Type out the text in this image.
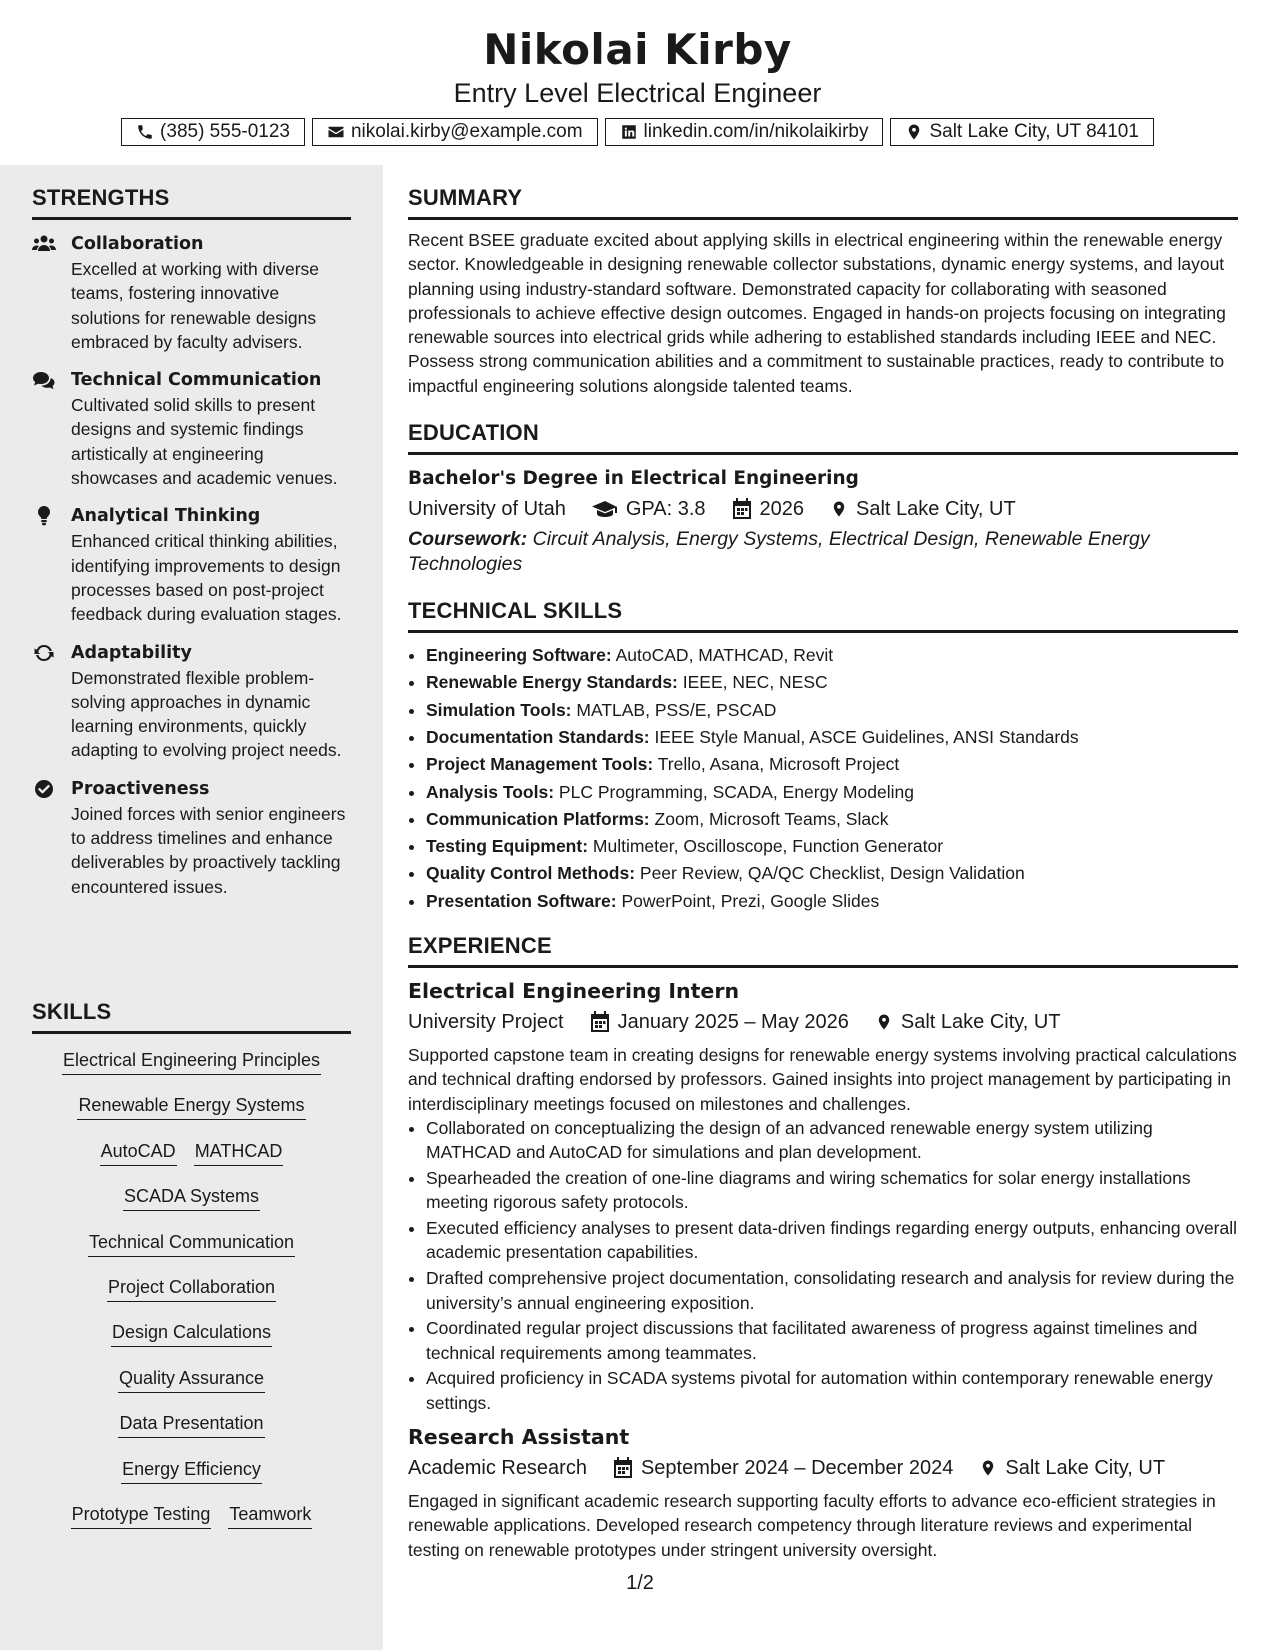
Nikolai Kirby
Entry Level Electrical Engineer
(385) 555-0123	nikolai.kirby@example.com	linkedin.com/in/nikolaikirby	Salt Lake City, UT 84101
STRENGTHS
Collaboration
Excelled at working with diverse teams, fostering innovative solutions for renewable designs embraced by faculty advisers.
Technical Communication
Cultivated solid skills to present designs and systemic findings artistically at engineering showcases and academic venues.
Analytical Thinking
Enhanced critical thinking abilities, identifying improvements to design processes based on post-project feedback during evaluation stages.
Adaptability
Demonstrated flexible problem-solving approaches in dynamic learning environments, quickly adapting to evolving project needs.
Proactiveness
Joined forces with senior engineers to address timelines and enhance deliverables by proactively tackling encountered issues.
SKILLS
Electrical Engineering Principles
Renewable Energy Systems
AutoCAD MATHCAD
SCADA Systems
Technical Communication
Project Collaboration
Design Calculations
Quality Assurance
Data Presentation
Energy Efficiency
Prototype Testing Teamwork
SUMMARY
Recent BSEE graduate excited about applying skills in electrical engineering within the renewable energy sector. Knowledgeable in designing renewable collector substations, dynamic energy systems, and layout planning using industry-standard software. Demonstrated capacity for collaborating with seasoned professionals to achieve effective design outcomes. Engaged in hands-on projects focusing on integrating renewable sources into electrical grids while adhering to established standards including IEEE and NEC. Possess strong communication abilities and a commitment to sustainable practices, ready to contribute to impactful engineering solutions alongside talented teams.
EDUCATION
Bachelor's Degree in Electrical Engineering
University of Utah	GPA: 3.8	2026	Salt Lake City, UT
Coursework: Circuit Analysis, Energy Systems, Electrical Design, Renewable Energy Technologies
TECHNICAL SKILLS
• Engineering Software: AutoCAD, MATHCAD, Revit
• Renewable Energy Standards: IEEE, NEC, NESC
• Simulation Tools: MATLAB, PSS/E, PSCAD
• Documentation Standards: IEEE Style Manual, ASCE Guidelines, ANSI Standards
• Project Management Tools: Trello, Asana, Microsoft Project
• Analysis Tools: PLC Programming, SCADA, Energy Modeling
• Communication Platforms: Zoom, Microsoft Teams, Slack
• Testing Equipment: Multimeter, Oscilloscope, Function Generator
• Quality Control Methods: Peer Review, QA/QC Checklist, Design Validation
• Presentation Software: PowerPoint, Prezi, Google Slides
EXPERIENCE
Electrical Engineering Intern
University Project	January 2025 – May 2026	Salt Lake City, UT
Supported capstone team in creating designs for renewable energy systems involving practical calculations and technical drafting endorsed by professors. Gained insights into project management by participating in interdisciplinary meetings focused on milestones and challenges.
• Collaborated on conceptualizing the design of an advanced renewable energy system utilizing MATHCAD and AutoCAD for simulations and plan development.
• Spearheaded the creation of one-line diagrams and wiring schematics for solar energy installations meeting rigorous safety protocols.
• Executed efficiency analyses to present data-driven findings regarding energy outputs, enhancing overall academic presentation capabilities.
• Drafted comprehensive project documentation, consolidating research and analysis for review during the university’s annual engineering exposition.
• Coordinated regular project discussions that facilitated awareness of progress against timelines and technical requirements among teammates.
• Acquired proficiency in SCADA systems pivotal for automation within contemporary renewable energy settings.
Research Assistant
Academic Research	September 2024 – December 2024	Salt Lake City, UT
Engaged in significant academic research supporting faculty efforts to advance eco-efficient strategies in renewable applications. Developed research competency through literature reviews and experimental testing on renewable prototypes under stringent university oversight.
1/2
